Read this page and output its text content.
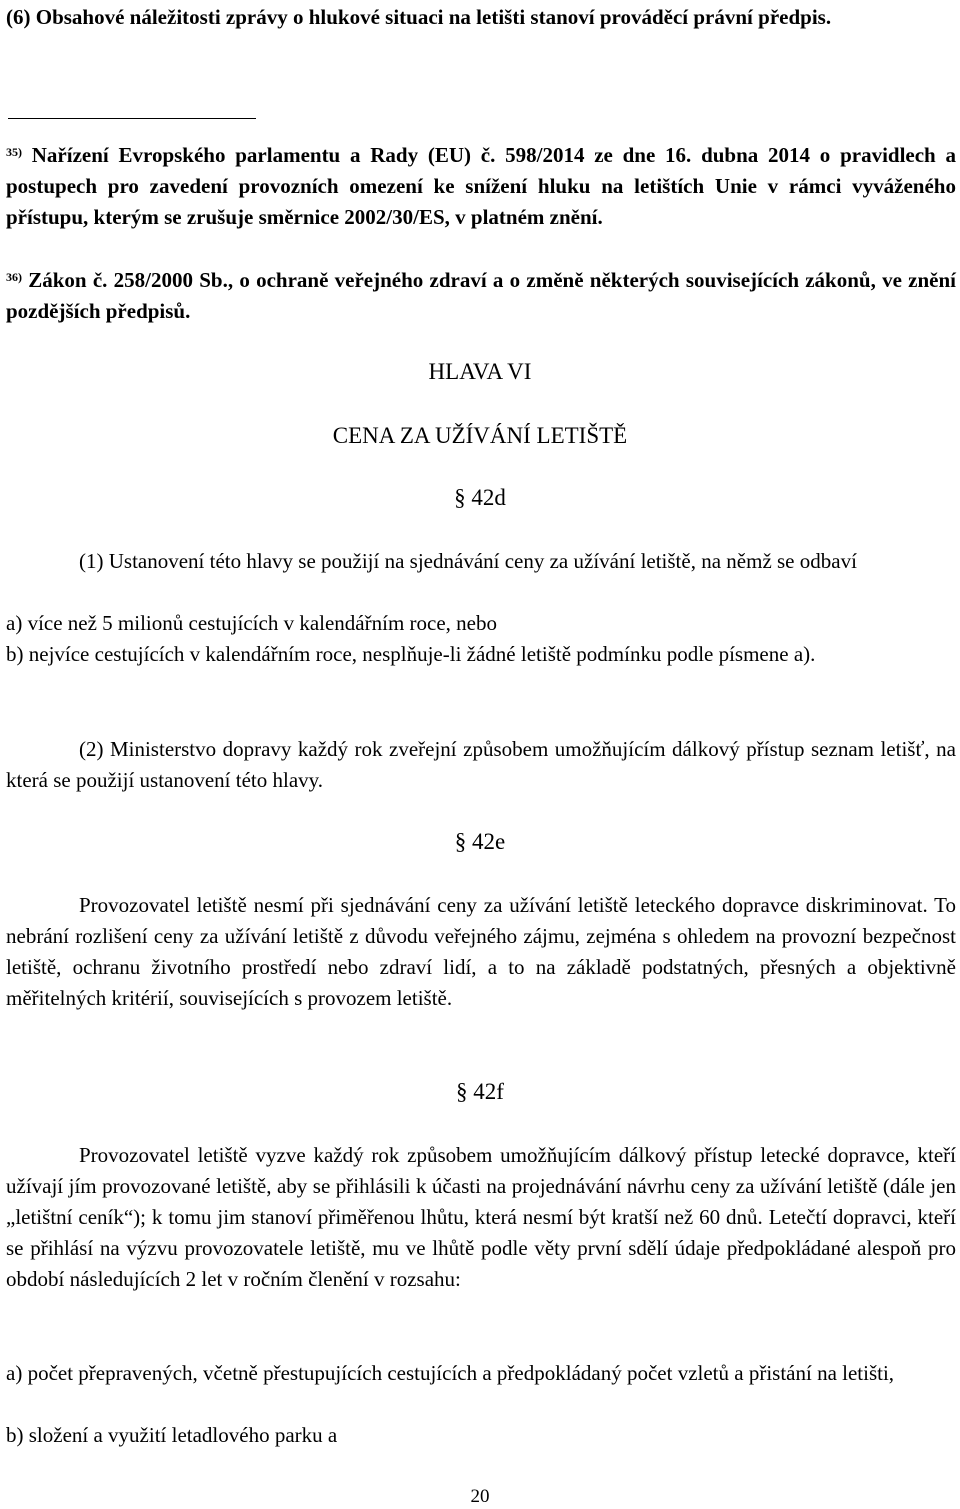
(6) Obsahové náležitosti zprávy o hlukové situaci na letišti stanoví prováděcí právní předpis.

$^{35)}$ Nařízení Evropského parlamentu a Rady (EU) č. 598/2014 ze dne 16. dubna 2014 o pravidlech a postupech pro zavedení provozních omezení ke snížení hluku na letištích Unie v rámci vyváženého přístupu, kterým se zrušuje směrnice 2002/30/ES, v platném znění.

$^{36)}$ Zákon č. 258/2000 Sb., o ochraně veřejného zdraví a o změně některých souvisejících zákonů, ve znění pozdějších předpisů.

HLAVA VI

CENA ZA UŽÍVÁNÍ LETIŠTĚ

§ 42d

(1) Ustanovení této hlavy se použijí na sjednávání ceny za užívání letiště, na němž se odbaví

a) více než 5 milionů cestujících v kalendářním roce, nebo

b) nejvíce cestujících v kalendářním roce, nesplňuje-li žádné letiště podmínku podle písmene a).

(2) Ministerstvo dopravy každý rok zveřejní způsobem umožňujícím dálkový přístup seznam letišť, na která se použijí ustanovení této hlavy.

§ 42e

Provozovatel letiště nesmí při sjednávání ceny za užívání letiště leteckého dopravce diskriminovat. To nebrání rozlišení ceny za užívání letiště z důvodu veřejného zájmu, zejména s ohledem na provozní bezpečnost letiště, ochranu životního prostředí nebo zdraví lidí, a to na základě podstatných, přesných a objektivně měřitelných kritérií, souvisejících s provozem letiště.

§ 42f

Provozovatel letiště vyzve každý rok způsobem umožňujícím dálkový přístup letecké dopravce, kteří užívají jím provozované letiště, aby se přihlásili k účasti na projednávání návrhu ceny za užívání letiště (dále jen „letištní ceník“); k tomu jim stanoví přiměřenou lhůtu, která nesmí být kratší než 60 dnů. Letečtí dopravci, kteří se přihlásí na výzvu provozovatele letiště, mu ve lhůtě podle věty první sdělí údaje předpokládané alespoň pro období následujících 2 let v ročním členění v rozsahu:

a) počet přepravených, včetně přestupujících cestujících a předpokládaný počet vzletů a přistání na letišti,

b) složení a využití letadlového parku a

20
